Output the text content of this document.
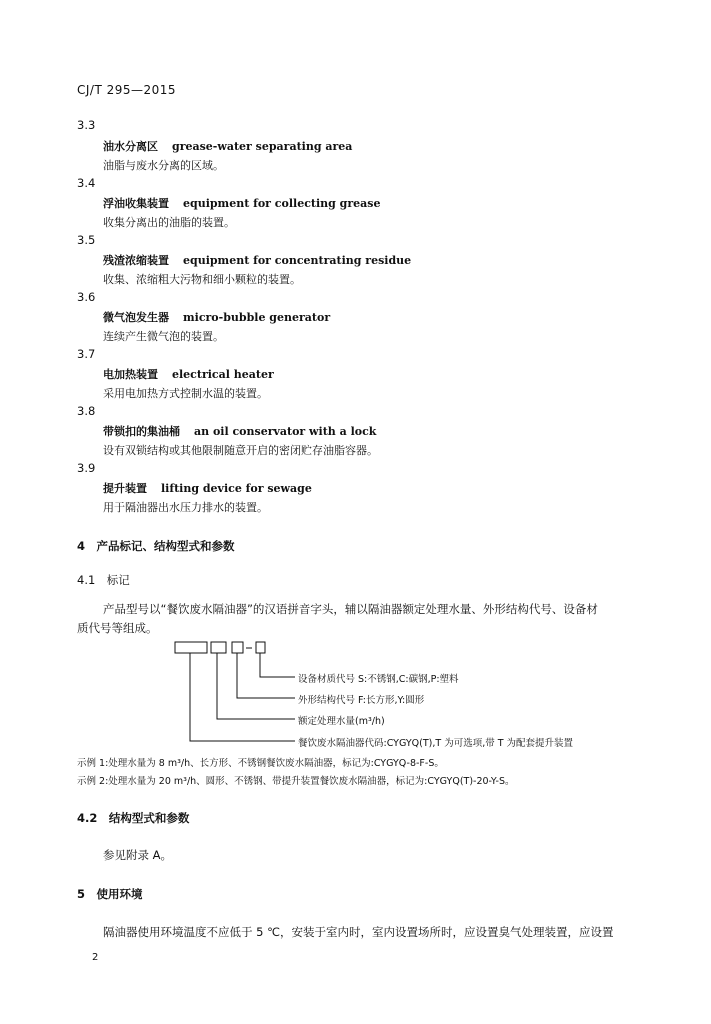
CJ/T 295—2015
3.3
油水分离区 grease-water separating area
油脂与废水分离的区域。
3.4
浮油收集装置 equipment for collecting grease
收集分离出的油脂的装置。
3.5
残渣浓缩装置 equipment for concentrating residue
收集、浓缩粗大污物和细小颗粒的装置。
3.6
微气泡发生器 micro-bubble generator
连续产生微气泡的装置。
3.7
电加热装置 electrical heater
采用电加热方式控制水温的装置。
3.8
带锁扣的集油桶 an oil conservator with a lock
设有双锁结构或其他限制随意开启的密闭贮存油脂容器。
3.9
提升装置 lifting device for sewage
用于隔油器出水压力排水的装置。
4　产品标记、结构型式和参数
4.1　标记
产品型号以“餐饮废水隔油器”的汉语拼音字头，辅以隔油器额定处理水量、外形结构代号、设备材
质代号等组成。
设备材质代号 S:不锈钢,C:碳钢,P:塑料
外形结构代号 F:长方形,Y:圆形
额定处理水量(m³/h)
餐饮废水隔油器代码:CYGYQ(T),T 为可选项,带 T 为配套提升装置
示例 1:处理水量为 8 m³/h、长方形、不锈钢餐饮废水隔油器，标记为:CYGYQ-8-F-S。
示例 2:处理水量为 20 m³/h、圆形、不锈钢、带提升装置餐饮废水隔油器，标记为:CYGYQ(T)-20-Y-S。
4.2　结构型式和参数
参见附录 A。
5　使用环境
隔油器使用环境温度不应低于 5 ℃，安装于室内时，室内设置场所时，应设置臭气处理装置，应设置
2
